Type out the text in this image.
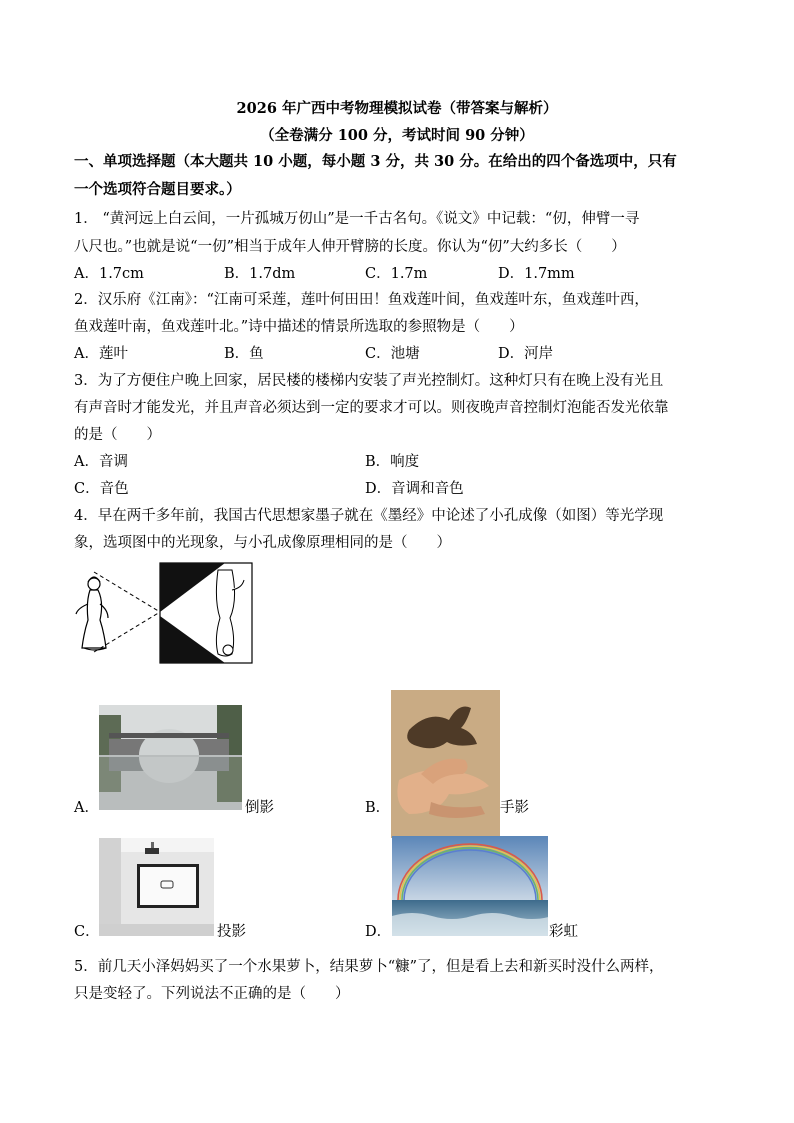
2026 年广西中考物理模拟试卷（带答案与解析）
（全卷满分 100 分，考试时间 90 分钟）
一、单项选择题（本大题共 10 小题，每小题 3 分，共 30 分。在给出的四个备选项中，只有
一个选项符合题目要求。）
1． “黄河远上白云间，一片孤城万仞山”是一千古名句。《说文》中记载：“仞，伸臂一寻
八尺也。”也就是说“一仞”相当于成年人伸开臂膀的长度。你认为“仞”大约多长（　　）
A．1.7cm	B．1.7dm	C．1.7m	D．1.7mm
2．汉乐府《江南》：“江南可采莲，莲叶何田田！鱼戏莲叶间，鱼戏莲叶东，鱼戏莲叶西，
鱼戏莲叶南，鱼戏莲叶北。”诗中描述的情景所选取的参照物是（　　）
A．莲叶	B．鱼	C．池塘	D．河岸
3．为了方便住户晚上回家，居民楼的楼梯内安装了声光控制灯。这种灯只有在晚上没有光且
有声音时才能发光，并且声音必须达到一定的要求才可以。则夜晚声音控制灯泡能否发光依靠
的是（　　）
A．音调	B．响度
C．音色	D．音调和音色
4．早在两千多年前，我国古代思想家墨子就在《墨经》中论述了小孔成像（如图）等光学现
象，选项图中的光现象，与小孔成像原理相同的是（　　）
A．	倒影	B．	手影
C．	投影	D．	彩虹
5．前几天小泽妈妈买了一个水果萝卜，结果萝卜“糠”了，但是看上去和新买时没什么两样，
只是变轻了。下列说法不正确的是（　　）
